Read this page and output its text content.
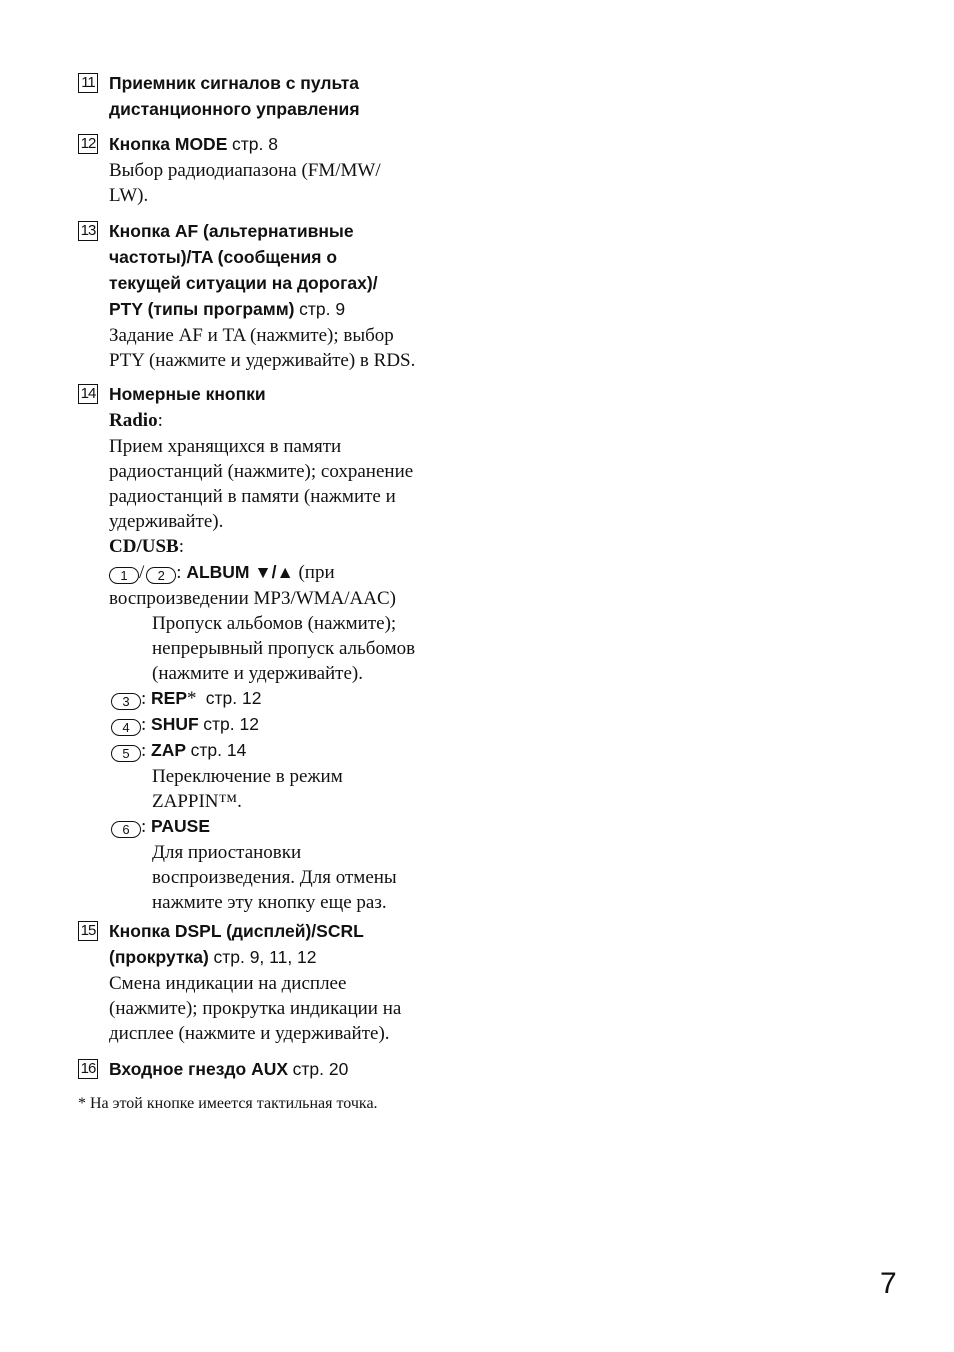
11 Приемник сигналов с пульта
дистанционного управления
12 Кнопка MODE стр. 8
Выбор радиодиапазона (FM/MW/
LW).
13 Кнопка AF (альтернативные
частоты)/TA (сообщения о
текущей ситуации на дорогах)/
PTY (типы программ) стр. 9
Задание AF и TA (нажмите); выбор
PTY (нажмите и удерживайте) в RDS.
14 Номерные кнопки
Radio:
Прием хранящихся в памяти
радиостанций (нажмите); сохранение
радиостанций в памяти (нажмите и
удерживайте).
CD/USB:
1 / 2 : ALBUM ▼/▲ (при
воспроизведении MP3/WMA/AAC)
Пропуск альбомов (нажмите);
непрерывный пропуск альбомов
(нажмите и удерживайте).
3 : REP* стр. 12
4 : SHUF стр. 12
5 : ZAP стр. 14
Переключение в режим
ZAPPIN™.
6 : PAUSE
Для приостановки
воспроизведения. Для отмены
нажмите эту кнопку еще раз.
15 Кнопка DSPL (дисплей)/SCRL
(прокрутка) стр. 9, 11, 12
Смена индикации на дисплее
(нажмите); прокрутка индикации на
дисплее (нажмите и удерживайте).
16 Входное гнездо AUX стр. 20
* На этой кнопке имеется тактильная точка.
7
